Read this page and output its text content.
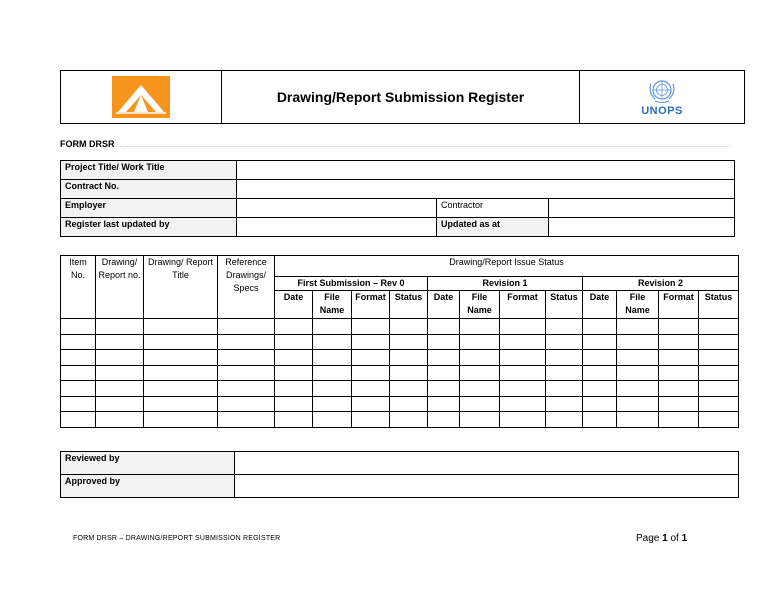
Drawing/Report Submission Register
UNOPS
FORM DRSR
Project Title/ Work Title			
Contract No.			
Employer		Contractor	
Register last updated by		Updated as at	
Item No.	Drawing/ Report no.	Drawing/ Report Title	Reference Drawings/ Specs	Drawing/Report Issue Status											
				First Submission – Rev 0				Revision 1				Revision 2			
				Date	File Name	Format	Status	Date	File Name	Format	Status	Date	File Name	Format	Status

Reviewed by	
Approved by	
FORM DRSR – DRAWING/REPORT SUBMISSION REGISTER	Page 1 of 1
